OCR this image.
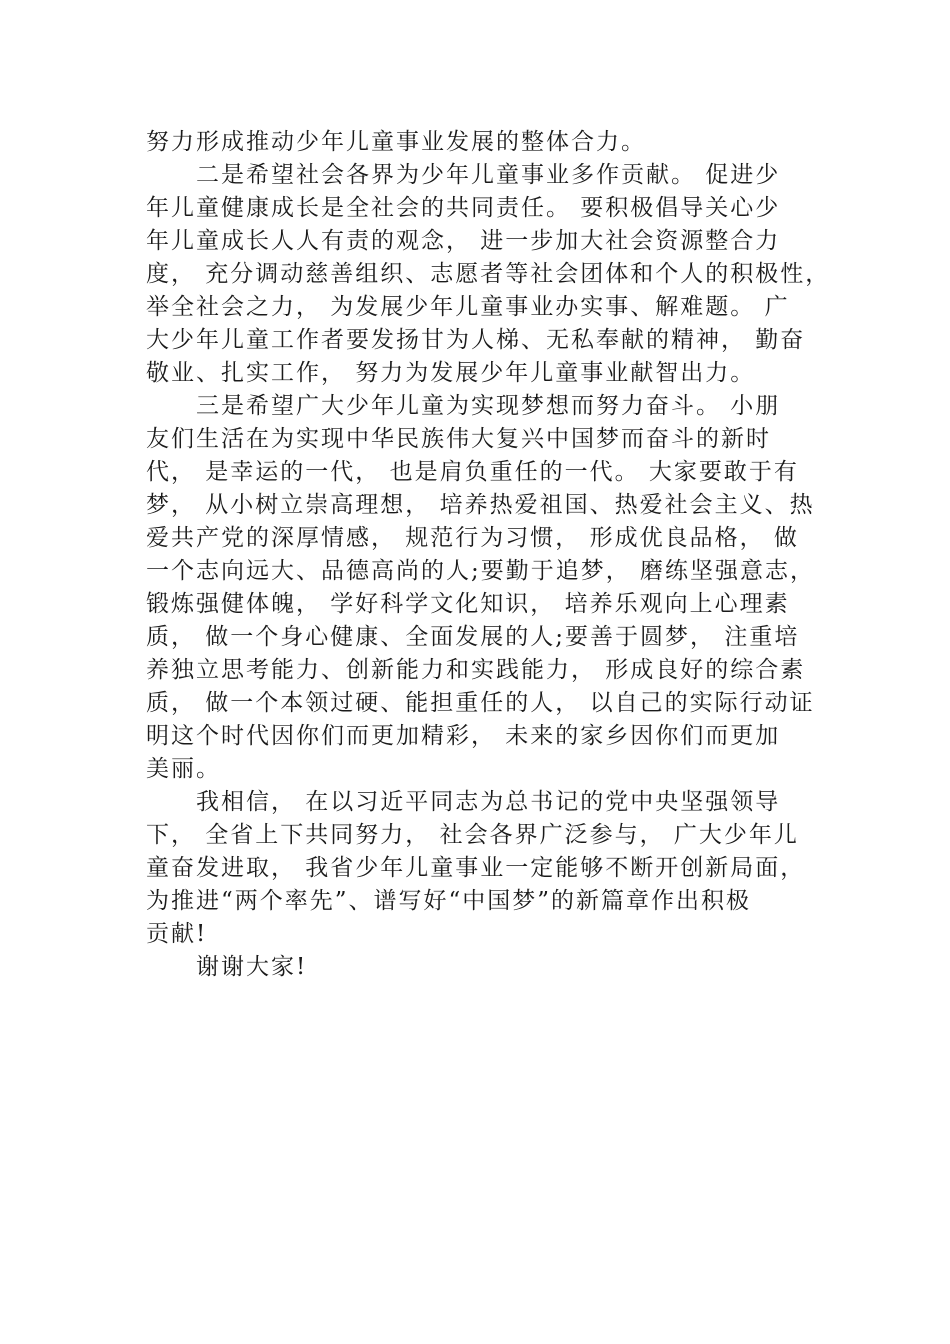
努力形成推动少年儿童事业发展的整体合力。
二是希望社会各界为少年儿童事业多作贡献。 促进少
年儿童健康成长是全社会的共同责任。 要积极倡导关心少
年儿童成长人人有责的观念， 进一步加大社会资源整合力
度， 充分调动慈善组织、志愿者等社会团体和个人的积极性，
举全社会之力， 为发展少年儿童事业办实事、解难题。 广
大少年儿童工作者要发扬甘为人梯、无私奉献的精神， 勤奋
敬业、扎实工作， 努力为发展少年儿童事业献智出力。
三是希望广大少年儿童为实现梦想而努力奋斗。 小朋
友们生活在为实现中华民族伟大复兴中国梦而奋斗的新时
代， 是幸运的一代， 也是肩负重任的一代。 大家要敢于有
梦， 从小树立崇高理想， 培养热爱祖国、热爱社会主义、热
爱共产党的深厚情感， 规范行为习惯， 形成优良品格， 做
一个志向远大、品德高尚的人;要勤于追梦， 磨练坚强意志，
锻炼强健体魄， 学好科学文化知识， 培养乐观向上心理素
质， 做一个身心健康、全面发展的人;要善于圆梦， 注重培
养独立思考能力、创新能力和实践能力， 形成良好的综合素
质， 做一个本领过硬、能担重任的人， 以自己的实际行动证
明这个时代因你们而更加精彩， 未来的家乡因你们而更加
美丽。
我相信， 在以习近平同志为总书记的党中央坚强领导
下， 全省上下共同努力， 社会各界广泛参与， 广大少年儿
童奋发进取， 我省少年儿童事业一定能够不断开创新局面，
为推进“两个率先”、谱写好“中国梦”的新篇章作出积极
贡献!
谢谢大家!
